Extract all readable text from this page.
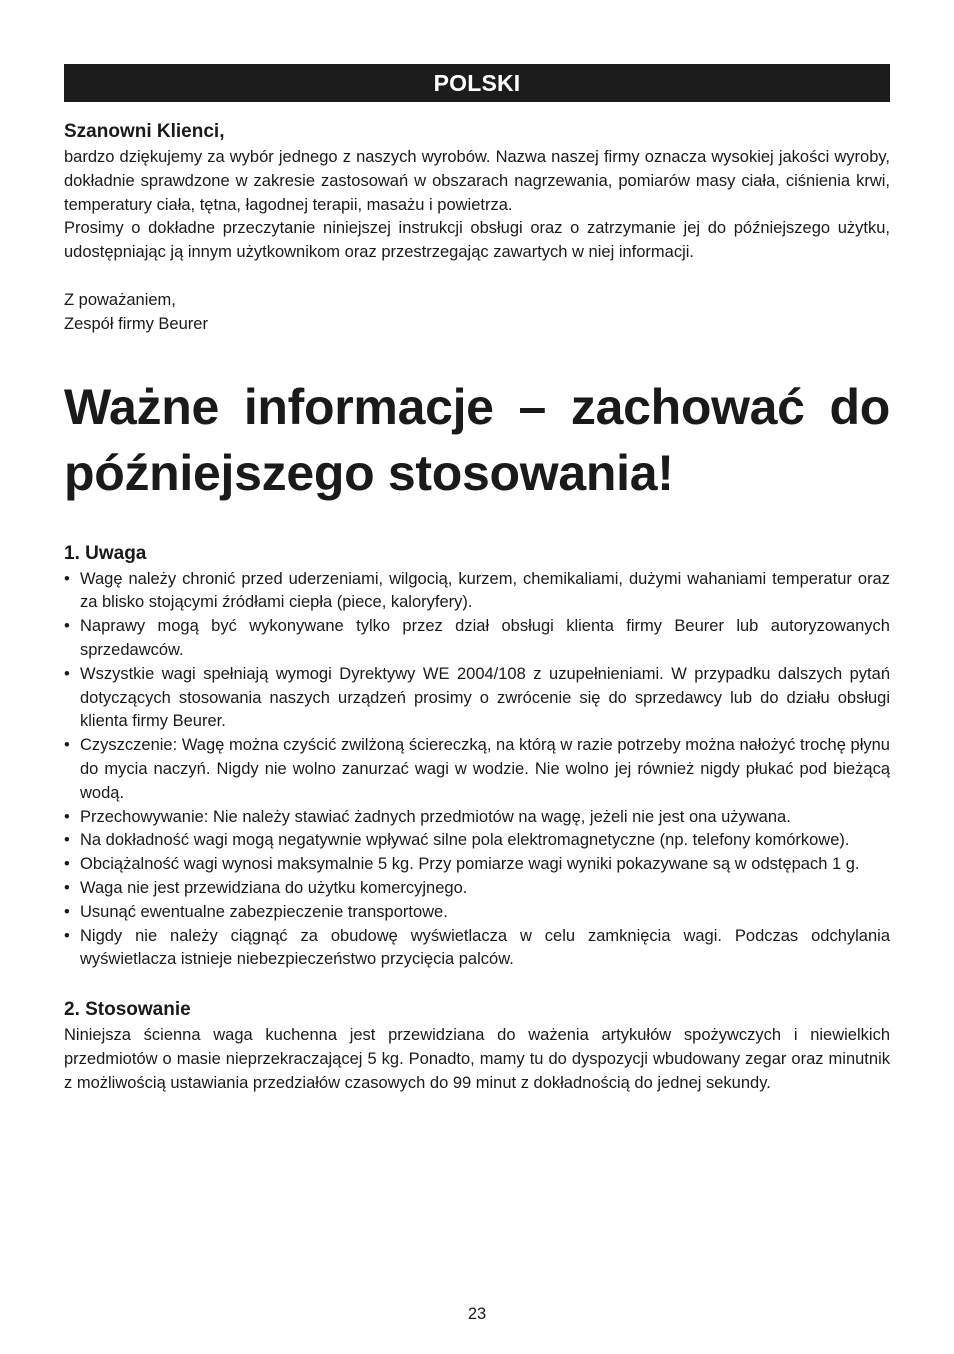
POLSKI
Szanowni Klienci,

bardzo dziękujemy za wybór jednego z naszych wyrobów. Nazwa naszej firmy oznacza wysokiej jakości wyroby, dokładnie sprawdzone w zakresie zastosowań w obszarach nagrzewania, pomiarów masy ciała, ciśnienia krwi, temperatury ciała, tętna, łagodnej terapii, masażu i powietrza.

Prosimy o dokładne przeczytanie niniejszej instrukcji obsługi oraz o zatrzymanie jej do późniejszego użytku, udostępniając ją innym użytkownikom oraz przestrzegając zawartych w niej informacji.

Z poważaniem,
Zespół firmy Beurer
Ważne informacje – zachować do późniejszego stosowania!
1. Uwaga
• Wagę należy chronić przed uderzeniami, wilgocią, kurzem, chemikaliami, dużymi wahaniami temperatur oraz za blisko stojącymi źródłami ciepła (piece, kaloryfery).
• Naprawy mogą być wykonywane tylko przez dział obsługi klienta firmy Beurer lub autoryzowanych sprzedawców.
• Wszystkie wagi spełniają wymogi Dyrektywy WE 2004/108 z uzupełnieniami. W przypadku dalszych pytań dotyczących stosowania naszych urządzeń prosimy o zwrócenie się do sprzedawcy lub do działu obsługi klienta firmy Beurer.
• Czyszczenie: Wagę można czyścić zwilżoną ściereczką, na którą w razie potrzeby można nałożyć trochę płynu do mycia naczyń. Nigdy nie wolno zanurzać wagi w wodzie. Nie wolno jej również nigdy płukać pod bieżącą wodą.
• Przechowywanie: Nie należy stawiać żadnych przedmiotów na wagę, jeżeli nie jest ona używana.
• Na dokładność wagi mogą negatywnie wpływać silne pola elektromagnetyczne (np. telefony komórkowe).
• Obciążalność wagi wynosi maksymalnie 5 kg. Przy pomiarze wagi wyniki pokazywane są w odstępach 1 g.
• Waga nie jest przewidziana do użytku komercyjnego.
• Usunąć ewentualne zabezpieczenie transportowe.
• Nigdy nie należy ciągnąć za obudowę wyświetlacza w celu zamknięcia wagi. Podczas odchylania wyświetlacza istnieje niebezpieczeństwo przycięcia palców.
2. Stosowanie

Niniejsza ścienna waga kuchenna jest przewidziana do ważenia artykułów spożywczych i niewielkich przedmiotów o masie nieprzekraczającej 5 kg. Ponadto, mamy tu do dyspozycji wbudowany zegar oraz minutnik z możliwością ustawiania przedziałów czasowych do 99 minut z dokładnością do jednej sekundy.

23
